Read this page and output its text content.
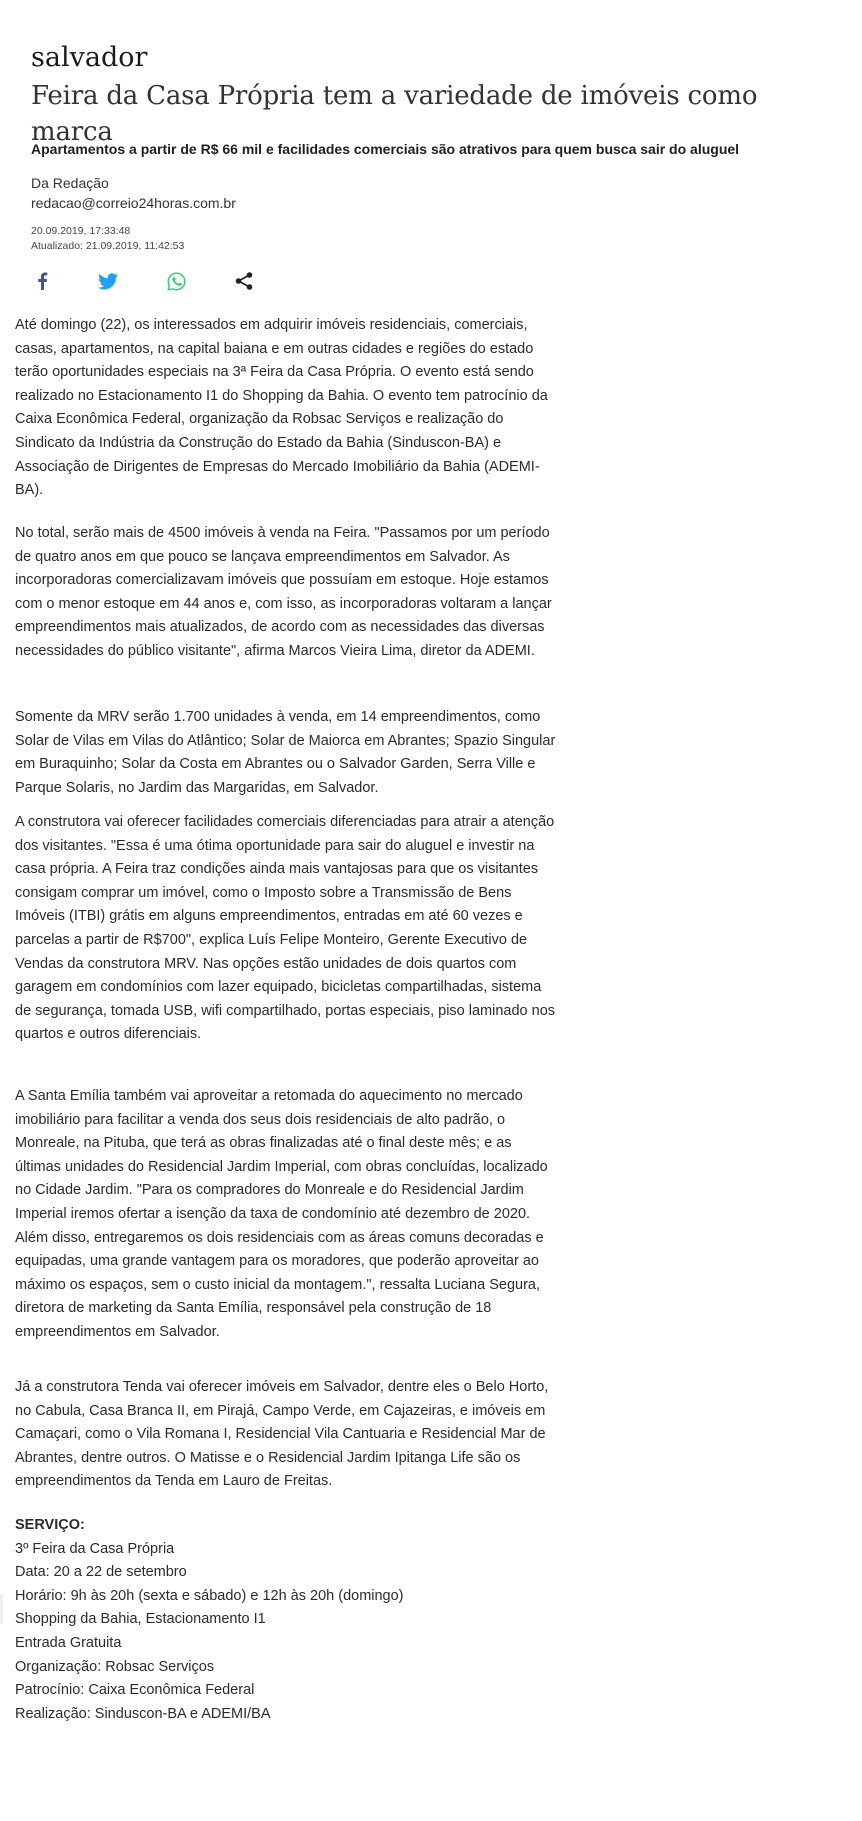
salvador
Feira da Casa Própria tem a variedade de imóveis como marca
Apartamentos a partir de R$ 66 mil e facilidades comerciais são atrativos para quem busca sair do aluguel
Da Redação
redacao@correio24horas.com.br
20.09.2019, 17:33:48
Atualizado: 21.09.2019, 11:42:53

Até domingo (22), os interessados em adquirir imóveis residenciais, comerciais, casas, apartamentos, na capital baiana e em outras cidades e regiões do estado terão oportunidades especiais na 3ª Feira da Casa Própria. O evento está sendo realizado no Estacionamento I1 do Shopping da Bahia. O evento tem patrocínio da Caixa Econômica Federal, organização da Robsac Serviços e realização do Sindicato da Indústria da Construção do Estado da Bahia (Sinduscon-BA) e Associação de Dirigentes de Empresas do Mercado Imobiliário da Bahia (ADEMI-BA).

No total, serão mais de 4500 imóveis à venda na Feira. "Passamos por um período de quatro anos em que pouco se lançava empreendimentos em Salvador. As incorporadoras comercializavam imóveis que possuíam em estoque. Hoje estamos com o menor estoque em 44 anos e, com isso, as incorporadoras voltaram a lançar empreendimentos mais atualizados, de acordo com as necessidades das diversas necessidades do público visitante", afirma Marcos Vieira Lima, diretor da ADEMI.

Somente da MRV serão 1.700 unidades à venda, em 14 empreendimentos, como Solar de Vilas em Vilas do Atlântico; Solar de Maiorca em Abrantes; Spazio Singular em Buraquinho; Solar da Costa em Abrantes ou o Salvador Garden, Serra Ville e Parque Solaris, no Jardim das Margaridas, em Salvador.

A construtora vai oferecer facilidades comerciais diferenciadas para atrair a atenção dos visitantes. "Essa é uma ótima oportunidade para sair do aluguel e investir na casa própria. A Feira traz condições ainda mais vantajosas para que os visitantes consigam comprar um imóvel, como o Imposto sobre a Transmissão de Bens Imóveis (ITBI) grátis em alguns empreendimentos, entradas em até 60 vezes e parcelas a partir de R$700", explica Luís Felipe Monteiro, Gerente Executivo de Vendas da construtora MRV. Nas opções estão unidades de dois quartos com garagem em condomínios com lazer equipado, bicicletas compartilhadas, sistema de segurança, tomada USB, wifi compartilhado, portas especiais, piso laminado nos quartos e outros diferenciais.

A Santa Emília também vai aproveitar a retomada do aquecimento no mercado imobiliário para facilitar a venda dos seus dois residenciais de alto padrão, o Monreale, na Pituba, que terá as obras finalizadas até o final deste mês; e as últimas unidades do Residencial Jardim Imperial, com obras concluídas, localizado no Cidade Jardim. "Para os compradores do Monreale e do Residencial Jardim Imperial iremos ofertar a isenção da taxa de condomínio até dezembro de 2020. Além disso, entregaremos os dois residenciais com as áreas comuns decoradas e equipadas, uma grande vantagem para os moradores, que poderão aproveitar ao máximo os espaços, sem o custo inicial da montagem.", ressalta Luciana Segura, diretora de marketing da Santa Emília, responsável pela construção de 18 empreendimentos em Salvador.

Já a construtora Tenda vai oferecer imóveis em Salvador, dentre eles o Belo Horto, no Cabula, Casa Branca II, em Pirajá, Campo Verde, em Cajazeiras, e imóveis em Camaçari, como o Vila Romana I, Residencial Vila Cantuaria e Residencial Mar de Abrantes, dentre outros. O Matisse e o Residencial Jardim Ipitanga Life são os empreendimentos da Tenda em Lauro de Freitas.

SERVIÇO:
3º Feira da Casa Própria
Data: 20 a 22 de setembro
Horário: 9h às 20h (sexta e sábado) e 12h às 20h (domingo)
Shopping da Bahia, Estacionamento I1
Entrada Gratuita
Organização: Robsac Serviços
Patrocínio: Caixa Econômica Federal
Realização: Sinduscon-BA e ADEMI/BA
